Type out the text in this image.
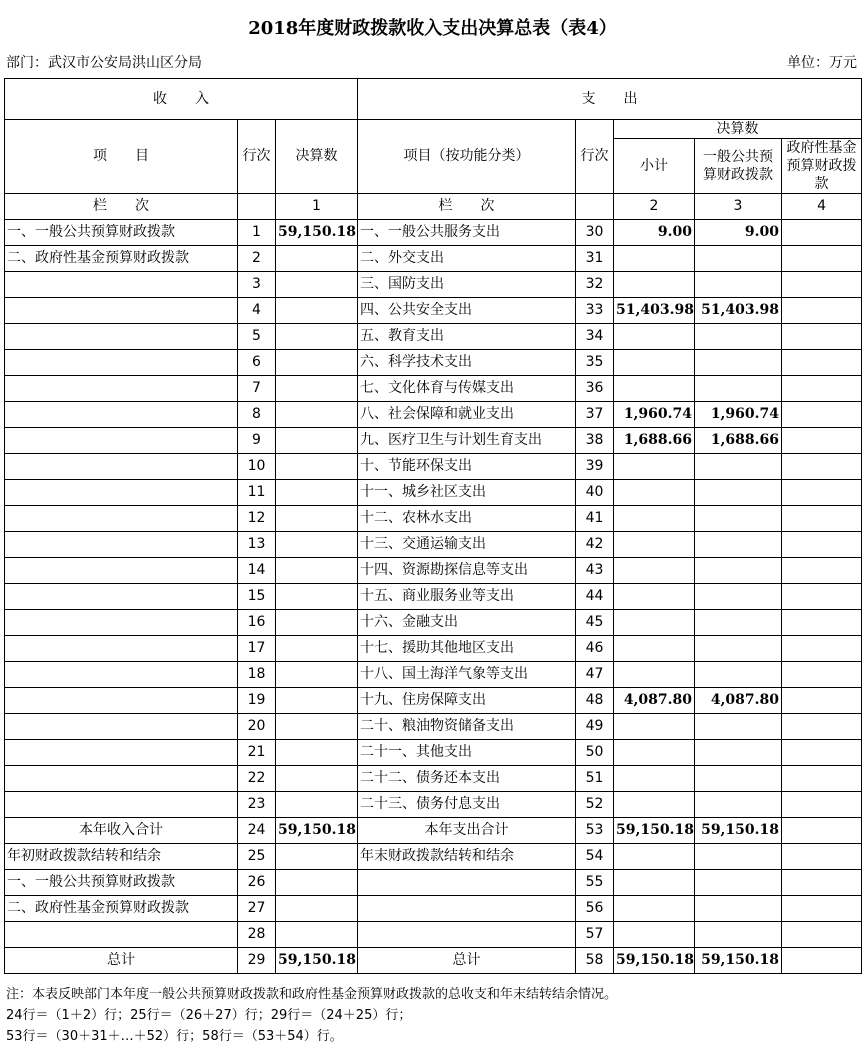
2018年度财政拨款收入支出决算总表（表4）
部门：武汉市公安局洪山区分局	单位：万元
收　　入			支　　出				
项　　目	行次	决算数	项目（按功能分类）	行次	决算数		
					小计	一般公共预算财政拨款	政府性基金预算财政拨款
栏　　次		1	栏　　次		2	3	4
一、一般公共预算财政拨款	1	59,150.18	一、一般公共服务支出	30	9.00	9.00	
二、政府性基金预算财政拨款	2		二、外交支出	31			
	3		三、国防支出	32			
	4		四、公共安全支出	33	51,403.98	51,403.98	
	5		五、教育支出	34			
	6		六、科学技术支出	35			
	7		七、文化体育与传媒支出	36			
	8		八、社会保障和就业支出	37	1,960.74	1,960.74	
	9		九、医疗卫生与计划生育支出	38	1,688.66	1,688.66	
	10		十、节能环保支出	39			
	11		十一、城乡社区支出	40			
	12		十二、农林水支出	41			
	13		十三、交通运输支出	42			
	14		十四、资源勘探信息等支出	43			
	15		十五、商业服务业等支出	44			
	16		十六、金融支出	45			
	17		十七、援助其他地区支出	46			
	18		十八、国土海洋气象等支出	47			
	19		十九、住房保障支出	48	4,087.80	4,087.80	
	20		二十、粮油物资储备支出	49			
	21		二十一、其他支出	50			
	22		二十二、债务还本支出	51			
	23		二十三、债务付息支出	52			
本年收入合计	24	59,150.18	本年支出合计	53	59,150.18	59,150.18	
年初财政拨款结转和结余	25		年末财政拨款结转和结余	54			
一、一般公共预算财政拨款	26			55			
二、政府性基金预算财政拨款	27			56			
	28			57			
总计	29	59,150.18	总计	58	59,150.18	59,150.18	
注：本表反映部门本年度一般公共预算财政拨款和政府性基金预算财政拨款的总收支和年末结转结余情况。
24行＝（1＋2）行；25行＝（26＋27）行；29行＝（24＋25）行；
53行＝（30＋31＋…＋52）行；58行＝（53＋54）行。
